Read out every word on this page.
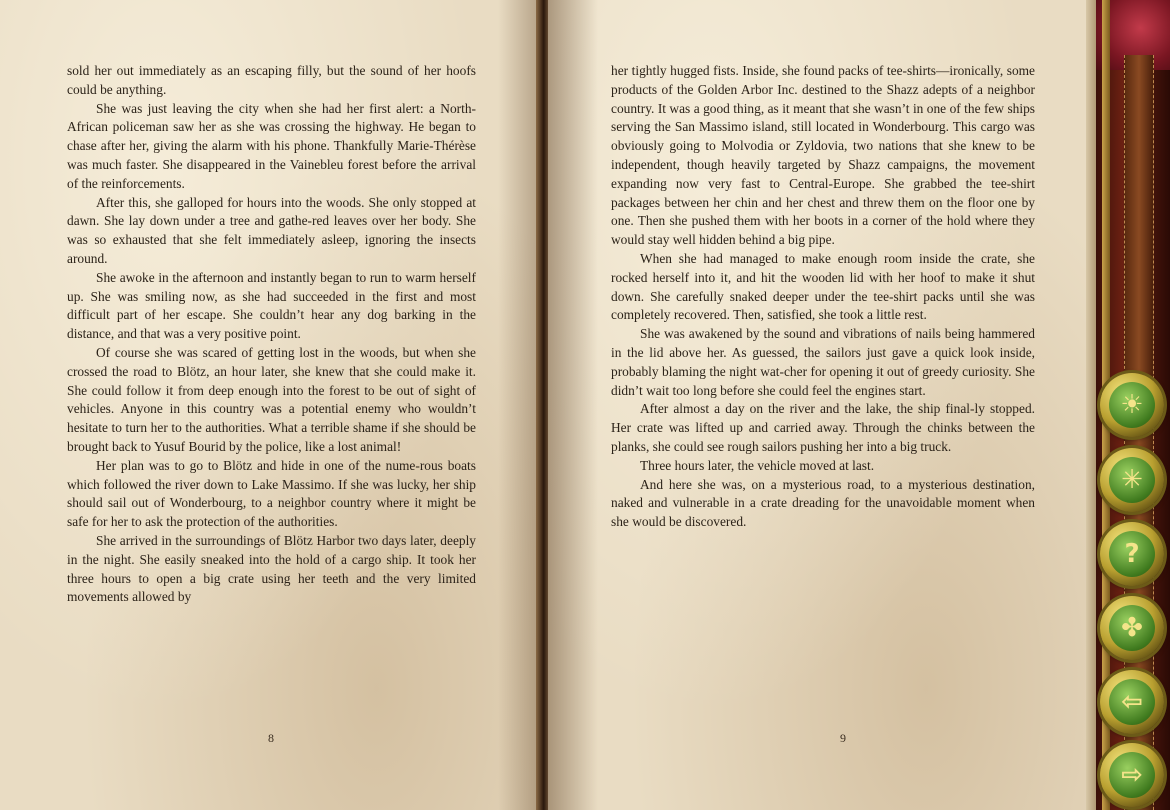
sold her out immediately as an escaping filly, but the sound of her hoofs could be anything.

She was just leaving the city when she had her first alert: a North-African policeman saw her as she was crossing the highway. He began to chase after her, giving the alarm with his phone. Thankfully Marie-Thérèse was much faster. She disappeared in the Vainebleu forest before the arrival of the reinforcements.

After this, she galloped for hours into the woods. She only stopped at dawn. She lay down under a tree and gathe-red leaves over her body. She was so exhausted that she felt immediately asleep, ignoring the insects around.

She awoke in the afternoon and instantly began to run to warm herself up. She was smiling now, as she had succeeded in the first and most difficult part of her escape. She couldn’t hear any dog barking in the distance, and that was a very positive point.

Of course she was scared of getting lost in the woods, but when she crossed the road to Blötz, an hour later, she knew that she could make it. She could follow it from deep enough into the forest to be out of sight of vehicles. Anyone in this country was a potential enemy who wouldn’t hesitate to turn her to the authorities. What a terrible shame if she should be brought back to Yusuf Bourid by the police, like a lost animal!

Her plan was to go to Blötz and hide in one of the nume-rous boats which followed the river down to Lake Massimo. If she was lucky, her ship should sail out of Wonderbourg, to a neighbor country where it might be safe for her to ask the protection of the authorities.

She arrived in the surroundings of Blötz Harbor two days later, deeply in the night. She easily sneaked into the hold of a cargo ship. It took her three hours to open a big crate using her teeth and the very limited movements allowed by

8

her tightly hugged fists. Inside, she found packs of tee-shirts—ironically, some products of the Golden Arbor Inc. destined to the Shazz adepts of a neighbor country. It was a good thing, as it meant that she wasn’t in one of the few ships serving the San Massimo island, still located in Wonderbourg. This cargo was obviously going to Molvodia or Zyldovia, two nations that she knew to be independent, though heavily targeted by Shazz campaigns, the movement expanding now very fast to Central-Europe. She grabbed the tee-shirt packages between her chin and her chest and threw them on the floor one by one. Then she pushed them with her boots in a corner of the hold where they would stay well hidden behind a big pipe.

When she had managed to make enough room inside the crate, she rocked herself into it, and hit the wooden lid with her hoof to make it shut down. She carefully snaked deeper under the tee-shirt packs until she was completely recovered. Then, satisfied, she took a little rest.

She was awakened by the sound and vibrations of nails being hammered in the lid above her. As guessed, the sailors just gave a quick look inside, probably blaming the night wat-cher for opening it out of greedy curiosity. She didn’t wait too long before she could feel the engines start.

After almost a day on the river and the lake, the ship final-ly stopped. Her crate was lifted up and carried away. Through the chinks between the planks, she could see rough sailors pushing her into a big truck.

Three hours later, the vehicle moved at last.

And here she was, on a mysterious road, to a mysterious destination, naked and vulnerable in a crate dreading for the unavoidable moment when she would be discovered.

9
☀
✳
?
✤
⇦
⇨
